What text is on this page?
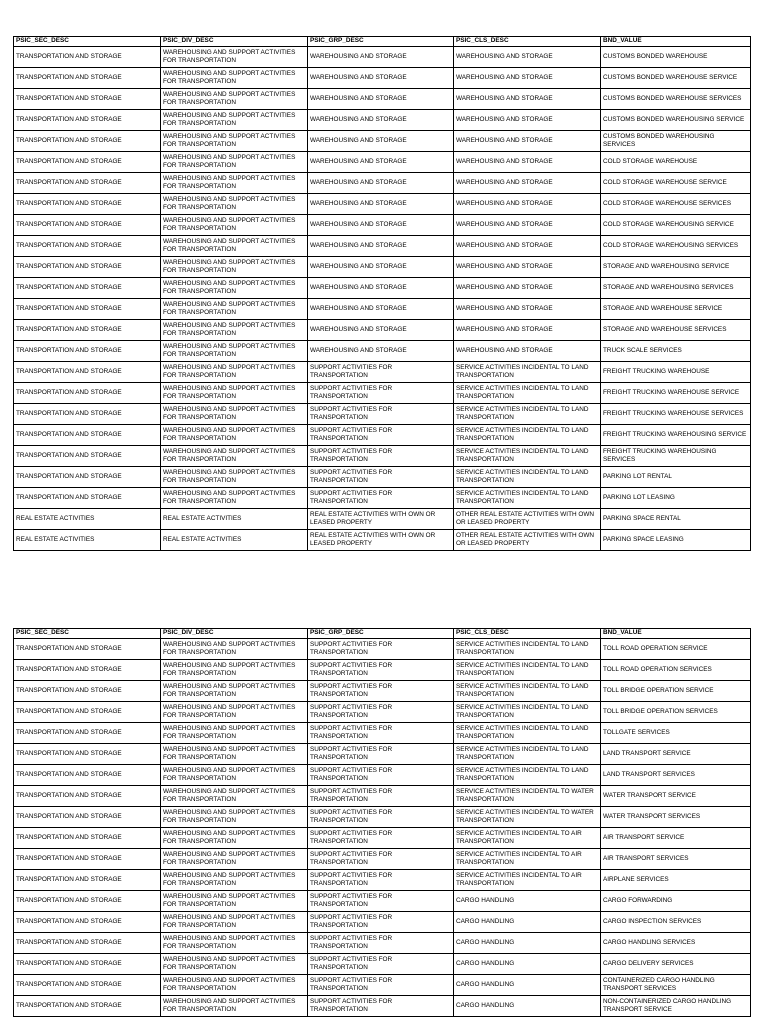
PSIC_SEC_DESC	PSIC_DIV_DESC	PSIC_GRP_DESC	PSIC_CLS_DESC	BND_VALUE
TRANSPORTATION AND STORAGE	WAREHOUSING AND SUPPORT ACTIVITIES FOR TRANSPORTATION	WAREHOUSING AND STORAGE	WAREHOUSING AND STORAGE	CUSTOMS BONDED WAREHOUSE
TRANSPORTATION AND STORAGE	WAREHOUSING AND SUPPORT ACTIVITIES FOR TRANSPORTATION	WAREHOUSING AND STORAGE	WAREHOUSING AND STORAGE	CUSTOMS BONDED WAREHOUSE SERVICE
TRANSPORTATION AND STORAGE	WAREHOUSING AND SUPPORT ACTIVITIES FOR TRANSPORTATION	WAREHOUSING AND STORAGE	WAREHOUSING AND STORAGE	CUSTOMS BONDED WAREHOUSE SERVICES
TRANSPORTATION AND STORAGE	WAREHOUSING AND SUPPORT ACTIVITIES FOR TRANSPORTATION	WAREHOUSING AND STORAGE	WAREHOUSING AND STORAGE	CUSTOMS BONDED WAREHOUSING SERVICE
TRANSPORTATION AND STORAGE	WAREHOUSING AND SUPPORT ACTIVITIES FOR TRANSPORTATION	WAREHOUSING AND STORAGE	WAREHOUSING AND STORAGE	CUSTOMS BONDED WAREHOUSING SERVICES
TRANSPORTATION AND STORAGE	WAREHOUSING AND SUPPORT ACTIVITIES FOR TRANSPORTATION	WAREHOUSING AND STORAGE	WAREHOUSING AND STORAGE	COLD STORAGE WAREHOUSE
TRANSPORTATION AND STORAGE	WAREHOUSING AND SUPPORT ACTIVITIES FOR TRANSPORTATION	WAREHOUSING AND STORAGE	WAREHOUSING AND STORAGE	COLD STORAGE WAREHOUSE SERVICE
TRANSPORTATION AND STORAGE	WAREHOUSING AND SUPPORT ACTIVITIES FOR TRANSPORTATION	WAREHOUSING AND STORAGE	WAREHOUSING AND STORAGE	COLD STORAGE WAREHOUSE SERVICES
TRANSPORTATION AND STORAGE	WAREHOUSING AND SUPPORT ACTIVITIES FOR TRANSPORTATION	WAREHOUSING AND STORAGE	WAREHOUSING AND STORAGE	COLD STORAGE WAREHOUSING SERVICE
TRANSPORTATION AND STORAGE	WAREHOUSING AND SUPPORT ACTIVITIES FOR TRANSPORTATION	WAREHOUSING AND STORAGE	WAREHOUSING AND STORAGE	COLD STORAGE WAREHOUSING SERVICES
TRANSPORTATION AND STORAGE	WAREHOUSING AND SUPPORT ACTIVITIES FOR TRANSPORTATION	WAREHOUSING AND STORAGE	WAREHOUSING AND STORAGE	STORAGE AND WAREHOUSING SERVICE
TRANSPORTATION AND STORAGE	WAREHOUSING AND SUPPORT ACTIVITIES FOR TRANSPORTATION	WAREHOUSING AND STORAGE	WAREHOUSING AND STORAGE	STORAGE AND WAREHOUSING SERVICES
TRANSPORTATION AND STORAGE	WAREHOUSING AND SUPPORT ACTIVITIES FOR TRANSPORTATION	WAREHOUSING AND STORAGE	WAREHOUSING AND STORAGE	STORAGE AND WAREHOUSE SERVICE
TRANSPORTATION AND STORAGE	WAREHOUSING AND SUPPORT ACTIVITIES FOR TRANSPORTATION	WAREHOUSING AND STORAGE	WAREHOUSING AND STORAGE	STORAGE AND WAREHOUSE SERVICES
TRANSPORTATION AND STORAGE	WAREHOUSING AND SUPPORT ACTIVITIES FOR TRANSPORTATION	WAREHOUSING AND STORAGE	WAREHOUSING AND STORAGE	TRUCK SCALE SERVICES
TRANSPORTATION AND STORAGE	WAREHOUSING AND SUPPORT ACTIVITIES FOR TRANSPORTATION	SUPPORT ACTIVITIES FOR TRANSPORTATION	SERVICE ACTIVITIES INCIDENTAL TO LAND TRANSPORTATION	FREIGHT TRUCKING WAREHOUSE
TRANSPORTATION AND STORAGE	WAREHOUSING AND SUPPORT ACTIVITIES FOR TRANSPORTATION	SUPPORT ACTIVITIES FOR TRANSPORTATION	SERVICE ACTIVITIES INCIDENTAL TO LAND TRANSPORTATION	FREIGHT TRUCKING WAREHOUSE SERVICE
TRANSPORTATION AND STORAGE	WAREHOUSING AND SUPPORT ACTIVITIES FOR TRANSPORTATION	SUPPORT ACTIVITIES FOR TRANSPORTATION	SERVICE ACTIVITIES INCIDENTAL TO LAND TRANSPORTATION	FREIGHT TRUCKING WAREHOUSE SERVICES
TRANSPORTATION AND STORAGE	WAREHOUSING AND SUPPORT ACTIVITIES FOR TRANSPORTATION	SUPPORT ACTIVITIES FOR TRANSPORTATION	SERVICE ACTIVITIES INCIDENTAL TO LAND TRANSPORTATION	FREIGHT TRUCKING WAREHOUSING SERVICE
TRANSPORTATION AND STORAGE	WAREHOUSING AND SUPPORT ACTIVITIES FOR TRANSPORTATION	SUPPORT ACTIVITIES FOR TRANSPORTATION	SERVICE ACTIVITIES INCIDENTAL TO LAND TRANSPORTATION	FREIGHT TRUCKING WAREHOUSING SERVICES
TRANSPORTATION AND STORAGE	WAREHOUSING AND SUPPORT ACTIVITIES FOR TRANSPORTATION	SUPPORT ACTIVITIES FOR TRANSPORTATION	SERVICE ACTIVITIES INCIDENTAL TO LAND TRANSPORTATION	PARKING LOT RENTAL
TRANSPORTATION AND STORAGE	WAREHOUSING AND SUPPORT ACTIVITIES FOR TRANSPORTATION	SUPPORT ACTIVITIES FOR TRANSPORTATION	SERVICE ACTIVITIES INCIDENTAL TO LAND TRANSPORTATION	PARKING LOT LEASING
REAL ESTATE ACTIVITIES	REAL ESTATE ACTIVITIES	REAL ESTATE ACTIVITIES WITH OWN OR LEASED PROPERTY	OTHER REAL ESTATE ACTIVITIES WITH OWN OR LEASED PROPERTY	PARKING SPACE RENTAL
REAL ESTATE ACTIVITIES	REAL ESTATE ACTIVITIES	REAL ESTATE ACTIVITIES WITH OWN OR LEASED PROPERTY	OTHER REAL ESTATE ACTIVITIES WITH OWN OR LEASED PROPERTY	PARKING SPACE LEASING
PSIC_SEC_DESC	PSIC_DIV_DESC	PSIC_GRP_DESC	PSIC_CLS_DESC	BND_VALUE
TRANSPORTATION AND STORAGE	WAREHOUSING AND SUPPORT ACTIVITIES FOR TRANSPORTATION	SUPPORT ACTIVITIES FOR TRANSPORTATION	SERVICE ACTIVITIES INCIDENTAL TO LAND TRANSPORTATION	TOLL ROAD OPERATION SERVICE
TRANSPORTATION AND STORAGE	WAREHOUSING AND SUPPORT ACTIVITIES FOR TRANSPORTATION	SUPPORT ACTIVITIES FOR TRANSPORTATION	SERVICE ACTIVITIES INCIDENTAL TO LAND TRANSPORTATION	TOLL ROAD OPERATION SERVICES
TRANSPORTATION AND STORAGE	WAREHOUSING AND SUPPORT ACTIVITIES FOR TRANSPORTATION	SUPPORT ACTIVITIES FOR TRANSPORTATION	SERVICE ACTIVITIES INCIDENTAL TO LAND TRANSPORTATION	TOLL BRIDGE OPERATION SERVICE
TRANSPORTATION AND STORAGE	WAREHOUSING AND SUPPORT ACTIVITIES FOR TRANSPORTATION	SUPPORT ACTIVITIES FOR TRANSPORTATION	SERVICE ACTIVITIES INCIDENTAL TO LAND TRANSPORTATION	TOLL BRIDGE OPERATION SERVICES
TRANSPORTATION AND STORAGE	WAREHOUSING AND SUPPORT ACTIVITIES FOR TRANSPORTATION	SUPPORT ACTIVITIES FOR TRANSPORTATION	SERVICE ACTIVITIES INCIDENTAL TO LAND TRANSPORTATION	TOLLGATE SERVICES
TRANSPORTATION AND STORAGE	WAREHOUSING AND SUPPORT ACTIVITIES FOR TRANSPORTATION	SUPPORT ACTIVITIES FOR TRANSPORTATION	SERVICE ACTIVITIES INCIDENTAL TO LAND TRANSPORTATION	LAND TRANSPORT SERVICE
TRANSPORTATION AND STORAGE	WAREHOUSING AND SUPPORT ACTIVITIES FOR TRANSPORTATION	SUPPORT ACTIVITIES FOR TRANSPORTATION	SERVICE ACTIVITIES INCIDENTAL TO LAND TRANSPORTATION	LAND TRANSPORT SERVICES
TRANSPORTATION AND STORAGE	WAREHOUSING AND SUPPORT ACTIVITIES FOR TRANSPORTATION	SUPPORT ACTIVITIES FOR TRANSPORTATION	SERVICE ACTIVITIES INCIDENTAL TO WATER TRANSPORTATION	WATER TRANSPORT SERVICE
TRANSPORTATION AND STORAGE	WAREHOUSING AND SUPPORT ACTIVITIES FOR TRANSPORTATION	SUPPORT ACTIVITIES FOR TRANSPORTATION	SERVICE ACTIVITIES INCIDENTAL TO WATER TRANSPORTATION	WATER TRANSPORT SERVICES
TRANSPORTATION AND STORAGE	WAREHOUSING AND SUPPORT ACTIVITIES FOR TRANSPORTATION	SUPPORT ACTIVITIES FOR TRANSPORTATION	SERVICE ACTIVITIES INCIDENTAL TO AIR TRANSPORTATION	AIR TRANSPORT SERVICE
TRANSPORTATION AND STORAGE	WAREHOUSING AND SUPPORT ACTIVITIES FOR TRANSPORTATION	SUPPORT ACTIVITIES FOR TRANSPORTATION	SERVICE ACTIVITIES INCIDENTAL TO AIR TRANSPORTATION	AIR TRANSPORT SERVICES
TRANSPORTATION AND STORAGE	WAREHOUSING AND SUPPORT ACTIVITIES FOR TRANSPORTATION	SUPPORT ACTIVITIES FOR TRANSPORTATION	SERVICE ACTIVITIES INCIDENTAL TO AIR TRANSPORTATION	AIRPLANE SERVICES
TRANSPORTATION AND STORAGE	WAREHOUSING AND SUPPORT ACTIVITIES FOR TRANSPORTATION	SUPPORT ACTIVITIES FOR TRANSPORTATION	CARGO HANDLING	CARGO FORWARDING
TRANSPORTATION AND STORAGE	WAREHOUSING AND SUPPORT ACTIVITIES FOR TRANSPORTATION	SUPPORT ACTIVITIES FOR TRANSPORTATION	CARGO HANDLING	CARGO INSPECTION SERVICES
TRANSPORTATION AND STORAGE	WAREHOUSING AND SUPPORT ACTIVITIES FOR TRANSPORTATION	SUPPORT ACTIVITIES FOR TRANSPORTATION	CARGO HANDLING	CARGO HANDLING SERVICES
TRANSPORTATION AND STORAGE	WAREHOUSING AND SUPPORT ACTIVITIES FOR TRANSPORTATION	SUPPORT ACTIVITIES FOR TRANSPORTATION	CARGO HANDLING	CARGO DELIVERY SERVICES
TRANSPORTATION AND STORAGE	WAREHOUSING AND SUPPORT ACTIVITIES FOR TRANSPORTATION	SUPPORT ACTIVITIES FOR TRANSPORTATION	CARGO HANDLING	CONTAINERIZED CARGO HANDLING TRANSPORT SERVICES
TRANSPORTATION AND STORAGE	WAREHOUSING AND SUPPORT ACTIVITIES FOR TRANSPORTATION	SUPPORT ACTIVITIES FOR TRANSPORTATION	CARGO HANDLING	NON-CONTAINERIZED CARGO HANDLING TRANSPORT SERVICE
